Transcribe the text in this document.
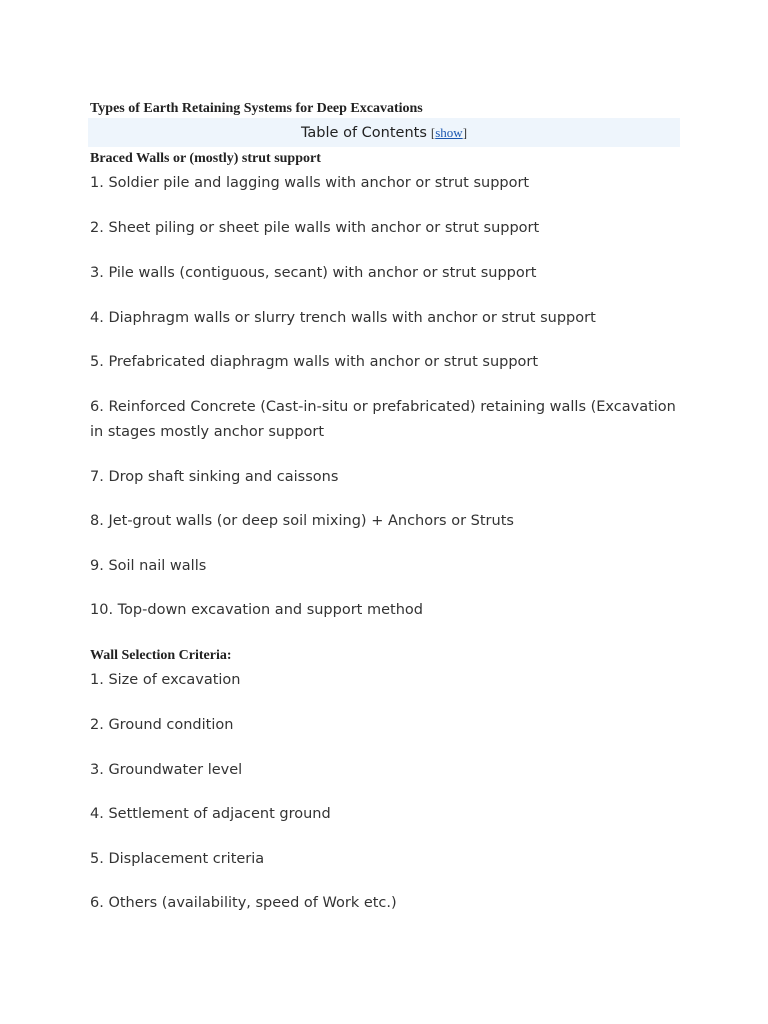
Types of Earth Retaining Systems for Deep Excavations
Table of Contents [show]
Braced Walls or (mostly) strut support
1. Soldier pile and lagging walls with anchor or strut support
2. Sheet piling or sheet pile walls with anchor or strut support
3. Pile walls (contiguous, secant) with anchor or strut support
4. Diaphragm walls or slurry trench walls with anchor or strut support
5. Prefabricated diaphragm walls with anchor or strut support
6. Reinforced Concrete (Cast-in-situ or prefabricated) retaining walls (Excavation in stages mostly anchor support
7. Drop shaft sinking and caissons
8. Jet-grout walls (or deep soil mixing) + Anchors or Struts
9. Soil nail walls
10. Top-down excavation and support method
Wall Selection Criteria:
1. Size of excavation
2. Ground condition
3. Groundwater level
4. Settlement of adjacent ground
5. Displacement criteria
6. Others (availability, speed of Work etc.)
